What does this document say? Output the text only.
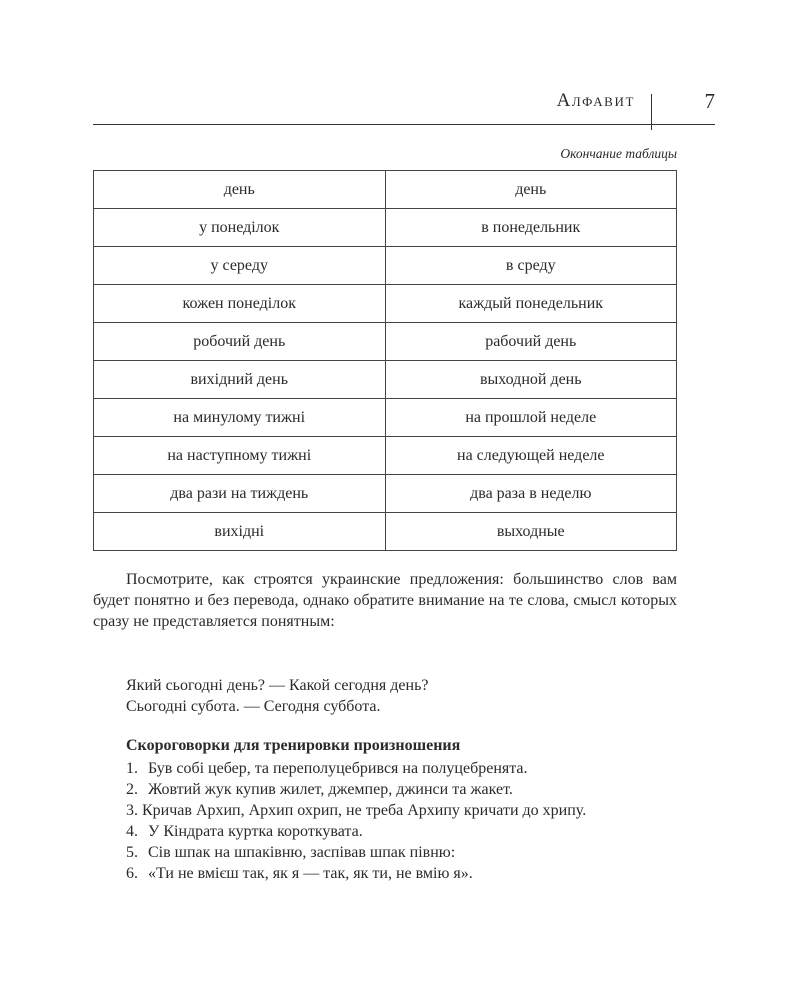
Алфавит	7
Окончание таблицы
день	день
у понеділок	в понедельник
у середу	в среду
кожен понеділок	каждый понедельник
робочий день	рабочий день
вихідний день	выходной день
на минулому тижні	на прошлой неделе
на наступному тижні	на следующей неделе
два рази на тиждень	два раза в неделю
вихідні	выходные
Посмотрите, как строятся украинские предложения: большинство слов вам будет понятно и без перевода, однако обратите внимание на те слова, смысл которых сразу не представляется понятным:
Який сьогодні день? — Какой сегодня день?
Сьогодні субота. — Сегодня суббота.
Скороговорки для тренировки произношения
1. Був собі цебер, та переполуцебрився на полуцебренята.
2. Жовтий жук купив жилет, джемпер, джинси та жакет.
3. Кричав Архип, Архип охрип, не треба Архипу кричати до хрипу.
4. У Кіндрата куртка короткувата.
5. Сів шпак на шпаківню, заспівав шпак півню:
6. «Ти не вмієш так, як я — так, як ти, не вмію я».
